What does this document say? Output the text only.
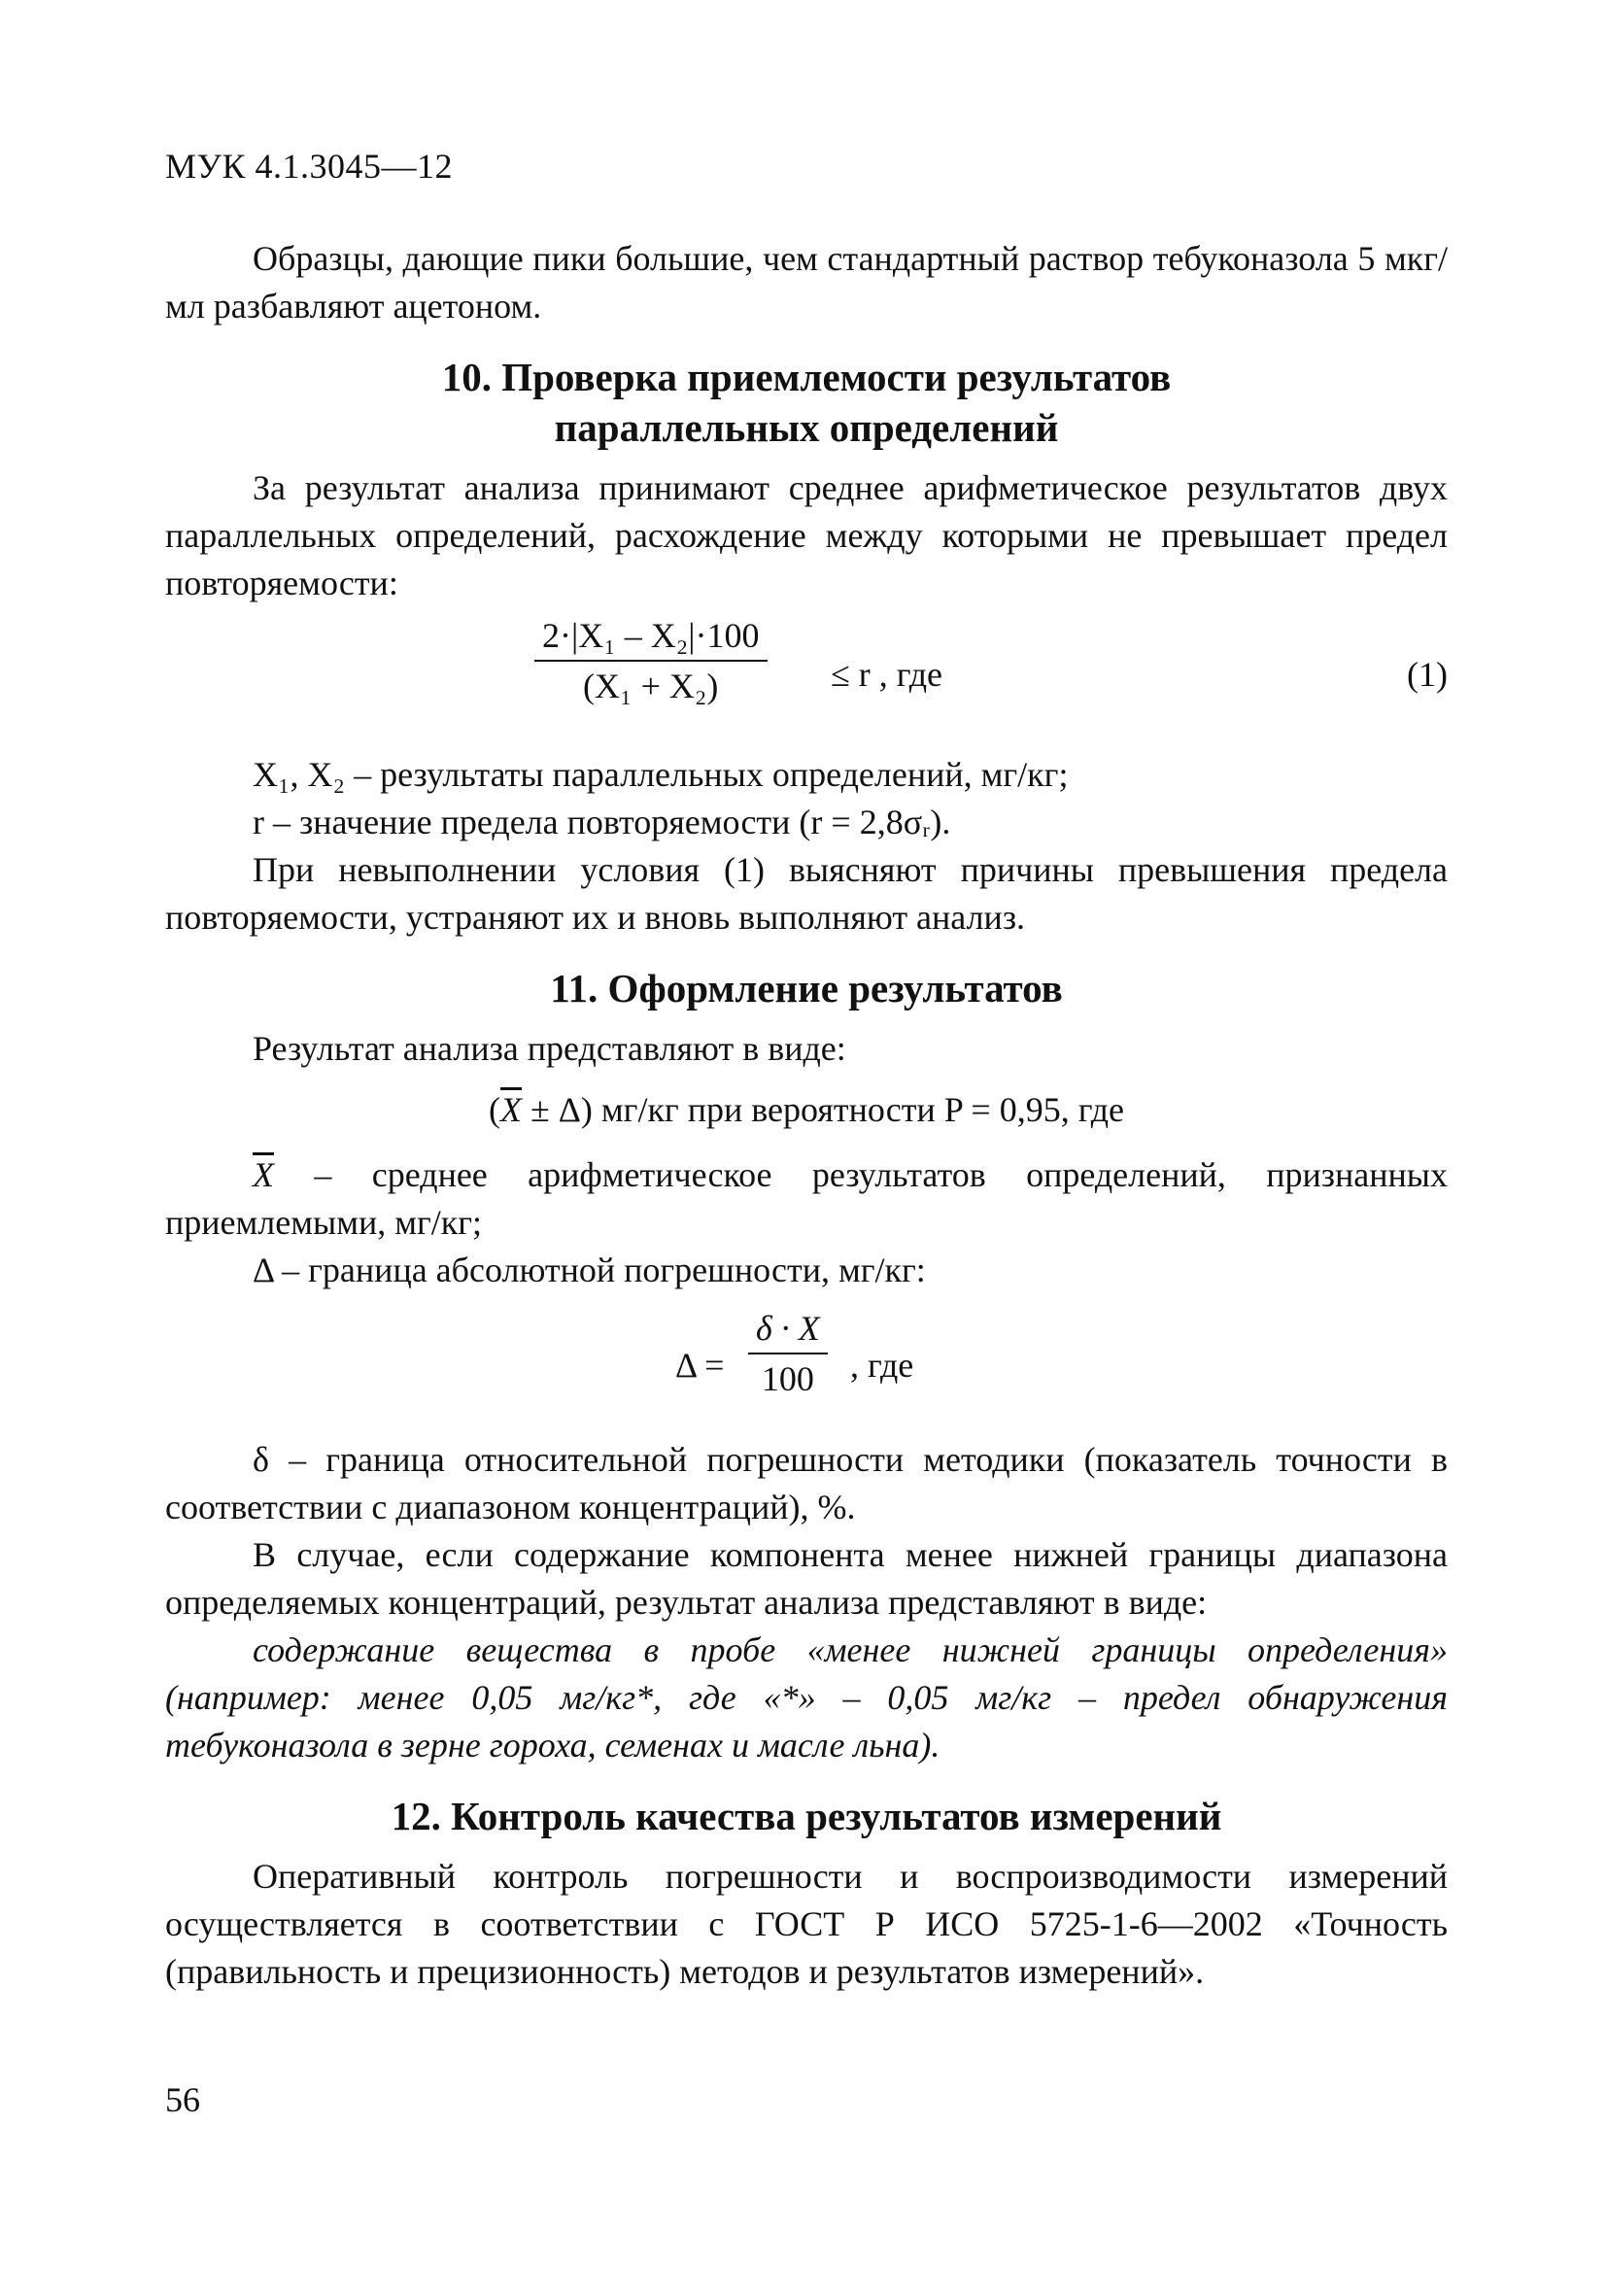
МУК 4.1.3045—12

Образцы, дающие пики большие, чем стандартный раствор тебуконазола 5 мкг/мл разбавляют ацетоном.

10. Проверка приемлемости результатов
параллельных определений

За результат анализа принимают среднее арифметическое результатов двух параллельных определений, расхождение между которыми не превышает предел повторяемости:

2·|X₁ – X₂|·100
(X₁ + X₂)	≤ r , где	(1)

X₁, X₂ – результаты параллельных определений, мг/кг;

r – значение предела повторяемости (r = 2,8σᵣ).

При невыполнении условия (1) выясняют причины превышения предела повторяемости, устраняют их и вновь выполняют анализ.

11. Оформление результатов

Результат анализа представляют в виде:

$(\overline{X} \pm \Delta)$ мг/кг при вероятности P = 0,95, где

$\overline{X}$ – среднее арифметическое результатов определений, признанных приемлемыми, мг/кг;

Δ – граница абсолютной погрешности, мг/кг:

Δ =
δ · X
100	, где

δ – граница относительной погрешности методики (показатель точности в соответствии с диапазоном концентраций), %.

В случае, если содержание компонента менее нижней границы диапазона определяемых концентраций, результат анализа представляют в виде:

содержание вещества в пробе «менее нижней границы определения» (например: менее 0,05 мг/кг*, где «*» – 0,05 мг/кг – предел обнаружения тебуконазола в зерне гороха, семенах и масле льна).

12. Контроль качества результатов измерений

Оперативный контроль погрешности и воспроизводимости измерений осуществляется в соответствии с ГОСТ Р ИСО 5725-1-6—2002 «Точность (правильность и прецизионность) методов и результатов измерений».

56
